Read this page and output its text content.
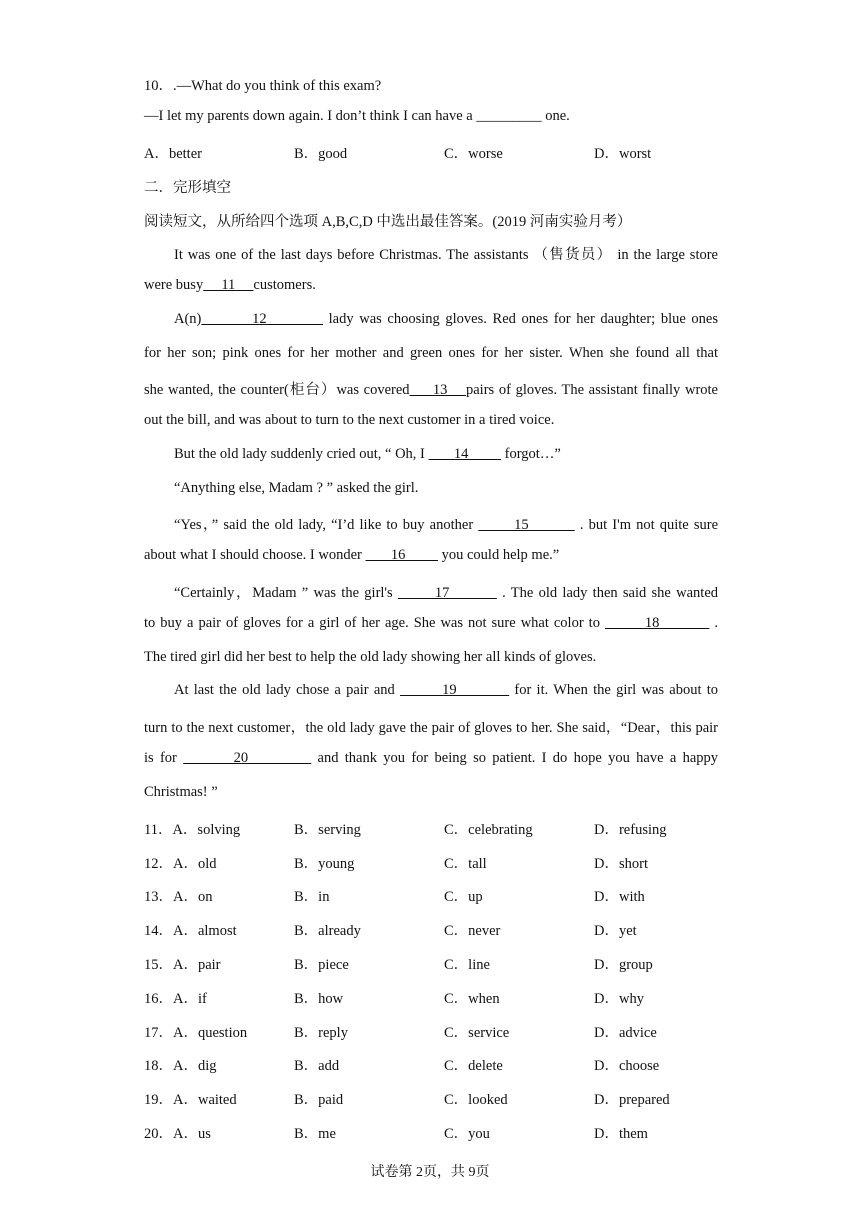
10．.—What do you think of this exam?
—I let my parents down again. I don’t think I can have a _________ one.
A．better	B．good	C．worse	D．worst
二．完形填空
阅读短文，从所给四个选项 A,B,C,D 中选出最佳答案。(2019 河南实验月考）
It was one of the last days before Christmas. The assistants （售货员） in the large store
were busy     11     customers.
A(n)         12           lady was choosing gloves. Red ones for her daughter; blue ones
for her son; pink ones for her mother and green ones for her sister. When she found all that
she wanted, the counter(柜台）was covered     13    pairs of gloves. The assistant finally wrote
out the bill, and was about to turn to the next customer in a tired voice.
But the old lady suddenly cried out, “ Oh, I        14          forgot…”
“Anything else, Madam ? ” asked the girl.
“Yes，” said the old lady, “I’d like to buy another        15          . but I'm not quite sure
about what I should choose. I wonder        16          you could help me.”
“Certainly，Madam ” was the girl's        17          . The old lady then said she wanted
to buy a pair of gloves for a girl of her age. She was not sure what color to         18           .
The tired girl did her best to help the old lady showing her all kinds of gloves.
At last the old lady chose a pair and         19           for it. When the girl was about to
turn to the next customer，the old lady gave the pair of gloves to her. She said，“Dear，this pair
is for         20           and thank you for being so patient. I do hope you have a happy
Christmas! ”
11．A．solving	B．serving	C．celebrating	D．refusing
12．A．old	B．young	C．tall	D．short
13．A．on	B．in	C．up	D．with
14．A．almost	B．already	C．never	D．yet
15．A．pair	B．piece	C．line	D．group
16．A．if	B．how	C．when	D．why
17．A．question	B．reply	C．service	D．advice
18．A．dig	B．add	C．delete	D．choose
19．A．waited	B．paid	C．looked	D．prepared
20．A．us	B．me	C．you	D．them
试卷第 2页，共 9页
